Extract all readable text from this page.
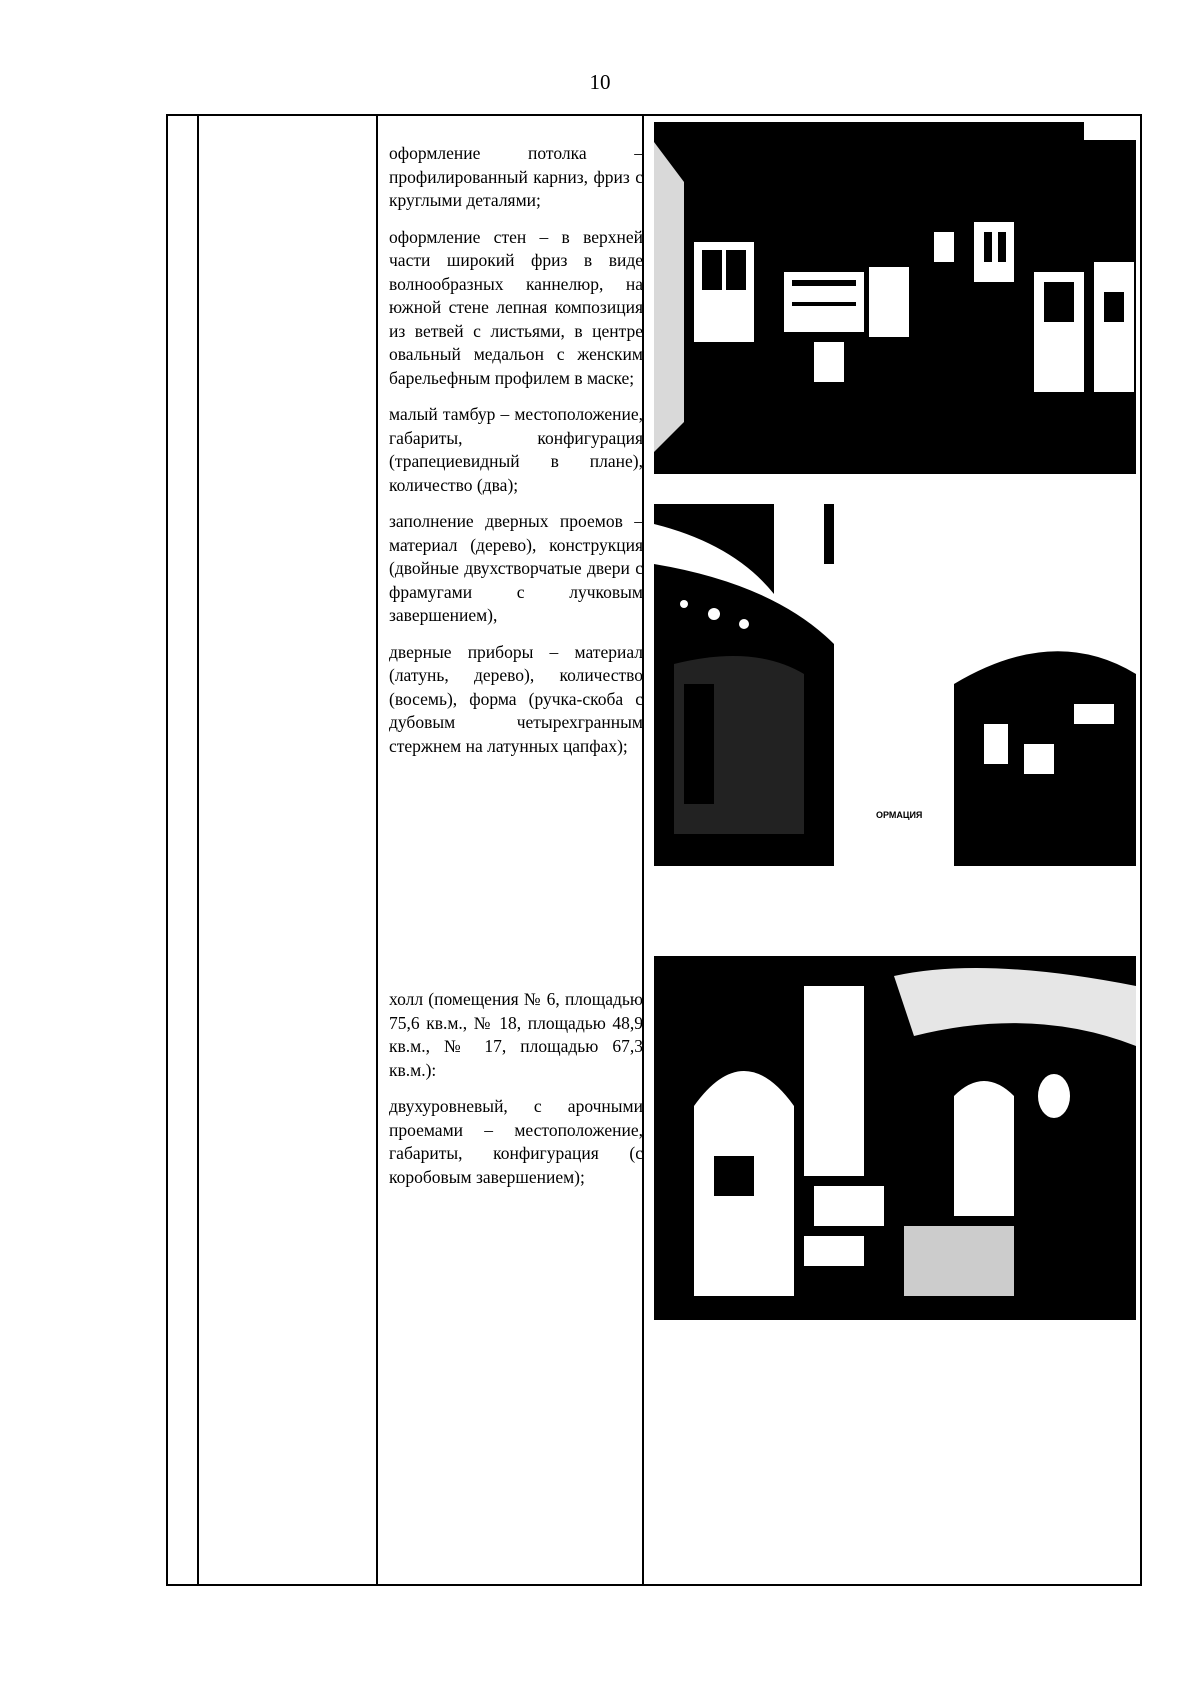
10

оформление потолка – профилированный карниз, фриз с круглыми деталями;

оформление стен – в верхней части широкий фриз в виде волнообразных каннелюр, на южной стене лепная композиция из ветвей с листьями, в центре овальный медальон с женским барельефным профилем в маске;

малый тамбур – местоположение, габариты, конфигурация (трапециевидный в плане), количество (два);

заполнение дверных проемов – материал (дерево), конструкция (двойные двухстворчатые двери с фрамугами с лучковым завершением),

дверные приборы – материал (латунь, дерево), количество (восемь), форма (ручка-скоба с дубовым четырехгранным стержнем на латунных цапфах);

холл (помещения № 6, площадью 75,6 кв.м., № 18, площадью 48,9 кв.м., № 17, площадью 67,3 кв.м.):

двухуровневый, с арочными проемами – местоположение, габариты, конфигурация (с коробовым завершением);

ОРМАЦИЯ
